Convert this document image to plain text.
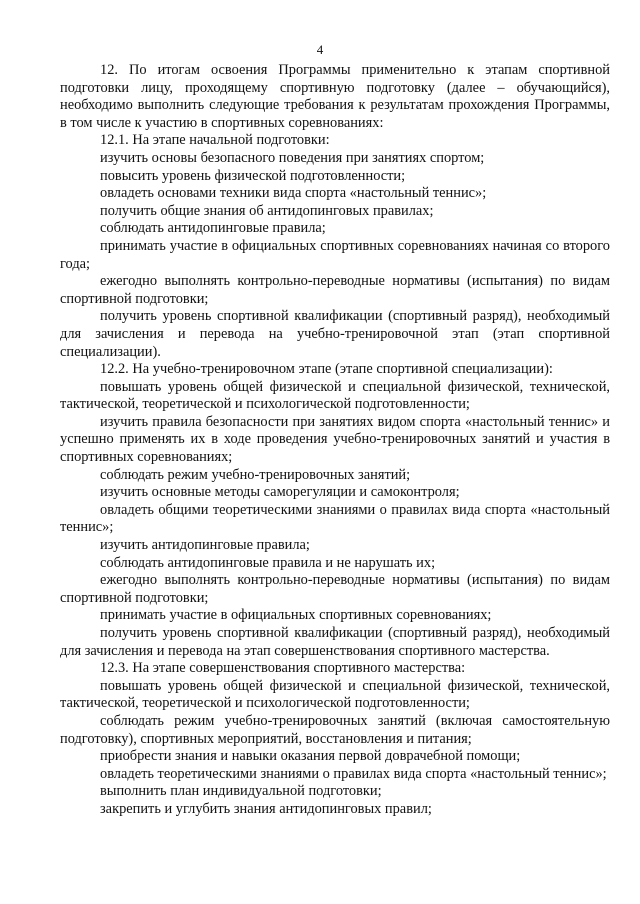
4

12. По итогам освоения Программы применительно к этапам спортивной подготовки лицу, проходящему спортивную подготовку (далее – обучающийся), необходимо выполнить следующие требования к результатам прохождения Программы, в том числе к участию в спортивных соревнованиях:

12.1. На этапе начальной подготовки:

изучить основы безопасного поведения при занятиях спортом;

повысить уровень физической подготовленности;

овладеть основами техники вида спорта «настольный теннис»;

получить общие знания об антидопинговых правилах;

соблюдать антидопинговые правила;

принимать участие в официальных спортивных соревнованиях начиная со второго года;

ежегодно выполнять контрольно-переводные нормативы (испытания) по видам спортивной подготовки;

получить уровень спортивной квалификации (спортивный разряд), необходимый для зачисления и перевода на учебно-тренировочной этап (этап спортивной специализации).

12.2. На учебно-тренировочном этапе (этапе спортивной специализации):

повышать уровень общей физической и специальной физической, технической, тактической, теоретической и психологической подготовленности;

изучить правила безопасности при занятиях видом спорта «настольный теннис» и успешно применять их в ходе проведения учебно-тренировочных занятий и участия в спортивных соревнованиях;

соблюдать режим учебно-тренировочных занятий;

изучить основные методы саморегуляции и самоконтроля;

овладеть общими теоретическими знаниями о правилах вида спорта «настольный теннис»;

изучить антидопинговые правила;

соблюдать антидопинговые правила и не нарушать их;

ежегодно выполнять контрольно-переводные нормативы (испытания) по видам спортивной подготовки;

принимать участие в официальных спортивных соревнованиях;

получить уровень спортивной квалификации (спортивный разряд), необходимый для зачисления и перевода на этап совершенствования спортивного мастерства.

12.3. На этапе совершенствования спортивного мастерства:

повышать уровень общей физической и специальной физической, технической, тактической, теоретической и психологической подготовленности;

соблюдать режим учебно-тренировочных занятий (включая самостоятельную подготовку), спортивных мероприятий, восстановления и питания;

приобрести знания и навыки оказания первой доврачебной помощи;

овладеть теоретическими знаниями о правилах вида спорта «настольный теннис»;

выполнить план индивидуальной подготовки;

закрепить и углубить знания антидопинговых правил;
